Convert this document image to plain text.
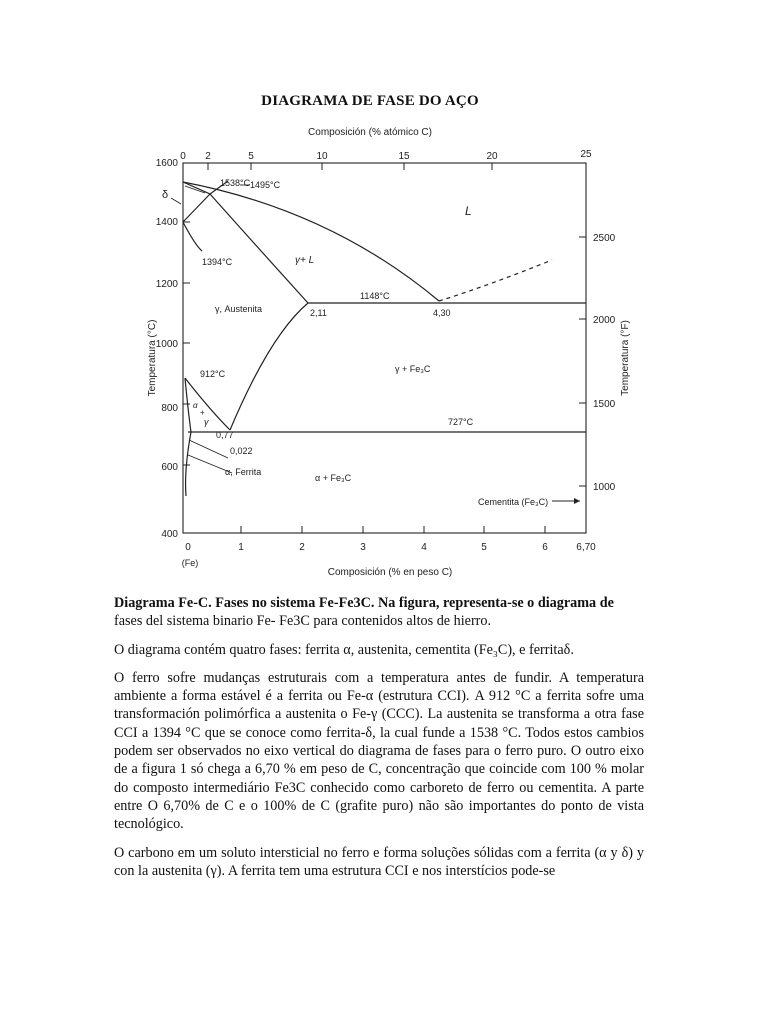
DIAGRAMA DE FASE DO AÇO
Composición (% atómico C)
0 2	5	10	15	20	25
1600
1400
1200
1000
800
600
400
2500
2000
1500
1000
0	1	2	3	4	5	6	6,70
(Fe)
Composición (% en peso C)
Temperatura (°C)	Temperatura (°F)
1538°C 1495°C
δ
1394°C
L
γ+ L
1148°C
γ, Austenita	2,11	4,30
912°C	γ + Fe₃C
α
+
γ	727°C
0,77
0,022
α, Ferrita
α + Fe₃C
Cementita (Fe₃C)

Diagrama Fe-C. Fases no sistema Fe-Fe3C. Na figura, representa-se o diagrama de
fases del sistema binario Fe- Fe3C para contenidos altos de hierro.

O diagrama contém quatro fases: ferrita α, austenita, cementita (Fe₃C), e ferritaδ.

O ferro sofre mudanças estruturais com a temperatura antes de fundir. A temperatura ambiente a forma estável é a ferrita ou Fe-α (estrutura CCI). A 912 °C a ferrita sofre uma transformación polimórfica a austenita o Fe-γ (CCC). La austenita se transforma a otra fase CCI a 1394 °C que se conoce como ferrita-δ, la cual funde a 1538 °C. Todos estos cambios podem ser observados no eixo vertical do diagrama de fases para o ferro puro. O outro eixo de a figura 1 só chega a 6,70 % em peso de C, concentração que coincide com 100 % molar do composto intermediário Fe3C conhecido como carboreto de ferro ou cementita. A parte entre O 6,70% de C e o 100% de C (grafite puro) não são importantes do ponto de vista tecnológico.

O carbono em um soluto intersticial no ferro e forma soluções sólidas com a ferrita (α y δ) y con la austenita (γ). A ferrita tem uma estrutura CCI e nos interstícios pode-se
